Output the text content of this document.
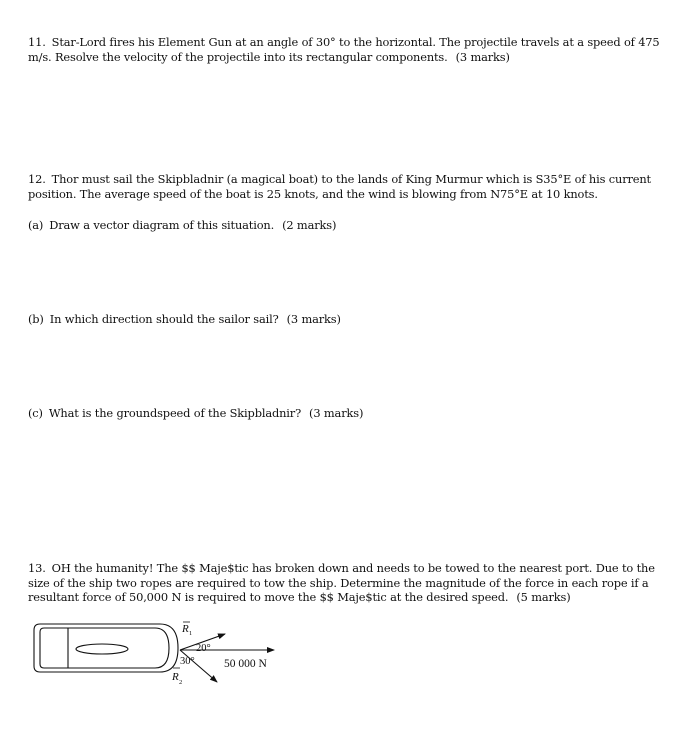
11. Star-Lord fires his Element Gun at an angle of 30° to the horizontal. The projectile travels at a speed of 475 m/s. Resolve the velocity of the projectile into its rectangular components. (3 marks)

12. Thor must sail the Skipbladnir (a magical boat) to the lands of King Murmur which is S35°E of his current position. The average speed of the boat is 25 knots, and the wind is blowing from N75°E at 10 knots.

(a) Draw a vector diagram of this situation. (2 marks)

(b) In which direction should the sailor sail? (3 marks)

(c) What is the groundspeed of the Skipbladnir? (3 marks)

13. OH the humanity! The $$ Maje$tic has broken down and needs to be towed to the nearest port. Due to the size of the ship two ropes are required to tow the ship. Determine the magnitude of the force in each rope if a resultant force of 50,000 N is required to move the $$ Maje$tic at the desired speed. (5 marks)

R 1
20°
30°	50 000 N
R 2
